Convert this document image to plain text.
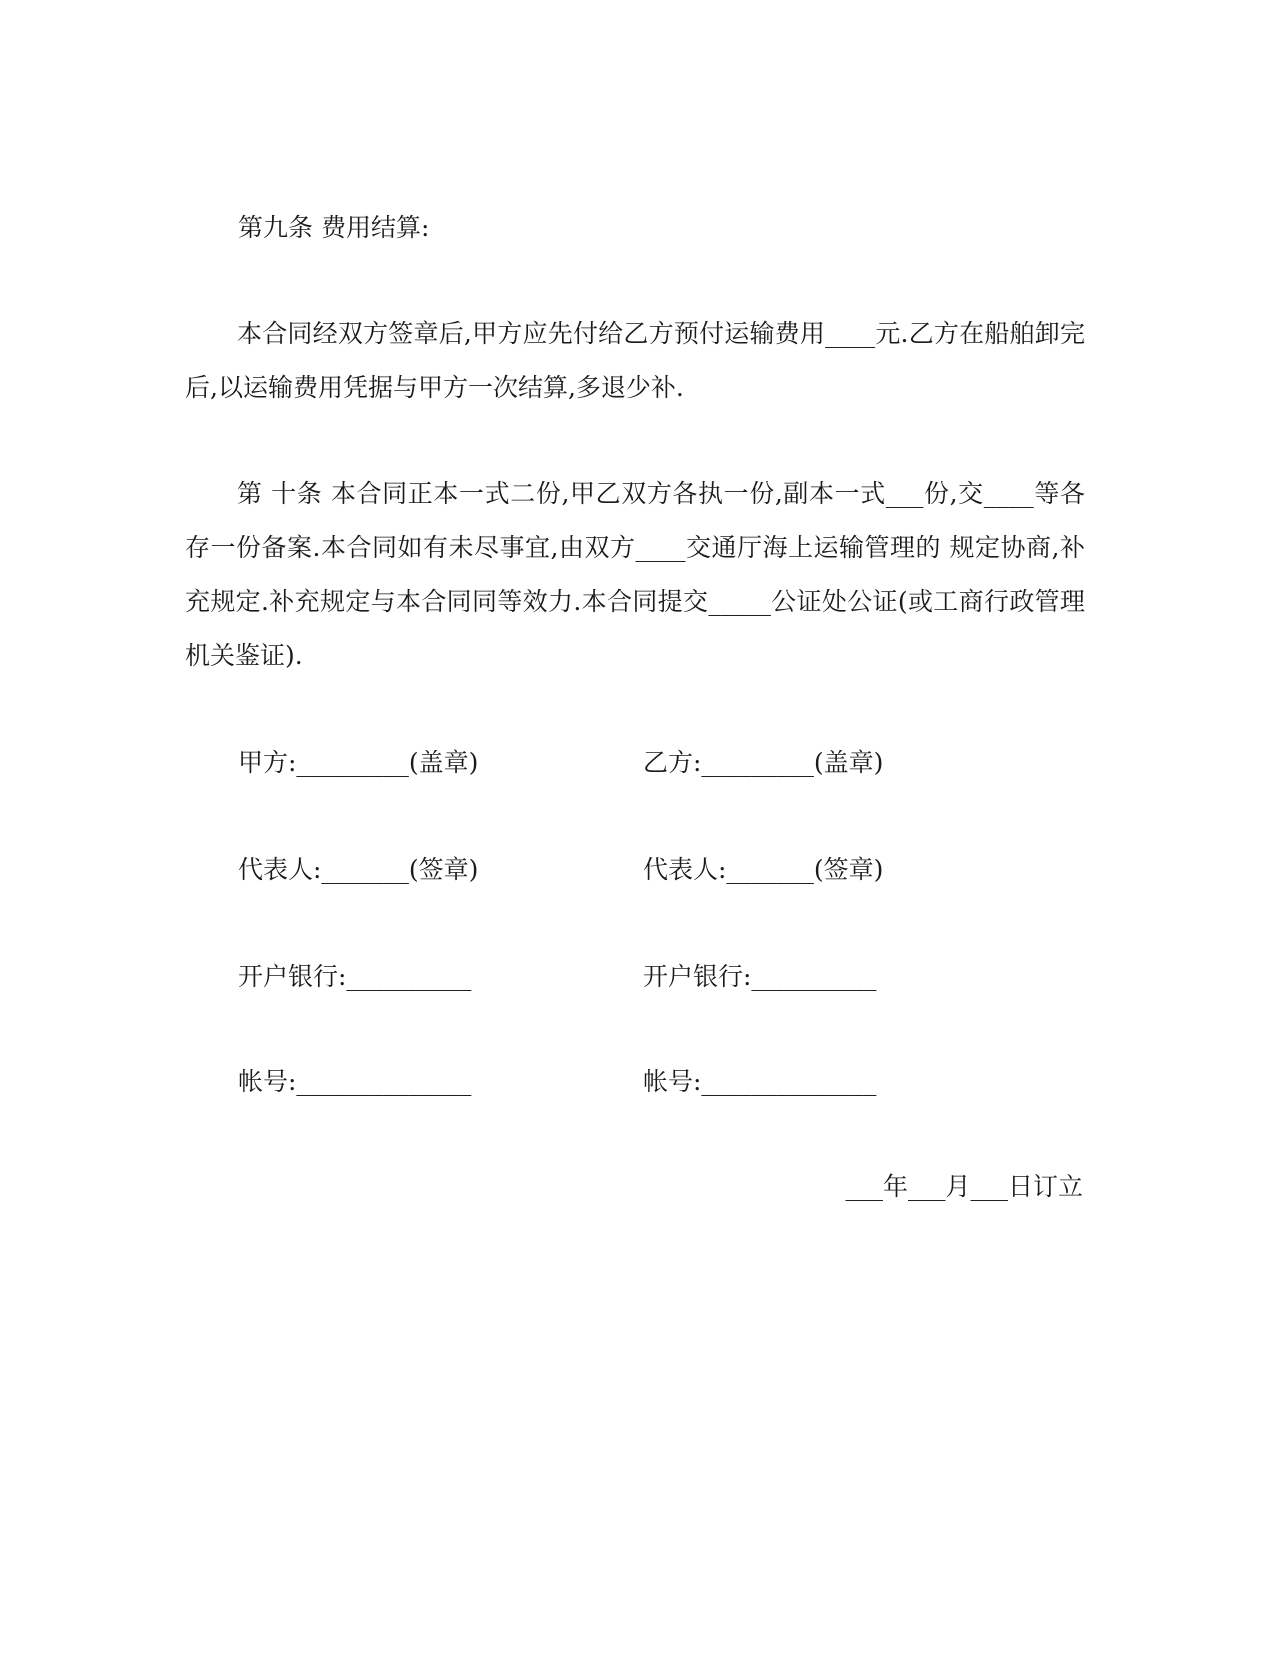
第九条 费用结算:
本合同经双方签章后,甲方应先付给乙方预付运输费用____元.乙方在船舶卸完后,以运输费用凭据与甲方一次结算,多退少补.
第 十条 本合同正本一式二份,甲乙双方各执一份,副本一式___份,交____等各存一份备案.本合同如有未尽事宜,由双方____交通厅海上运输管理的 规定协商,补充规定.补充规定与本合同同等效力.本合同提交_____公证处公证(或工商行政管理机关鉴证).
甲方:_________(盖章)	乙方:_________(盖章)
代表人:_______(签章)	代表人:_______(签章)
开户银行:__________	开户银行:__________
帐号:______________	帐号:______________
___年___月___日订立
